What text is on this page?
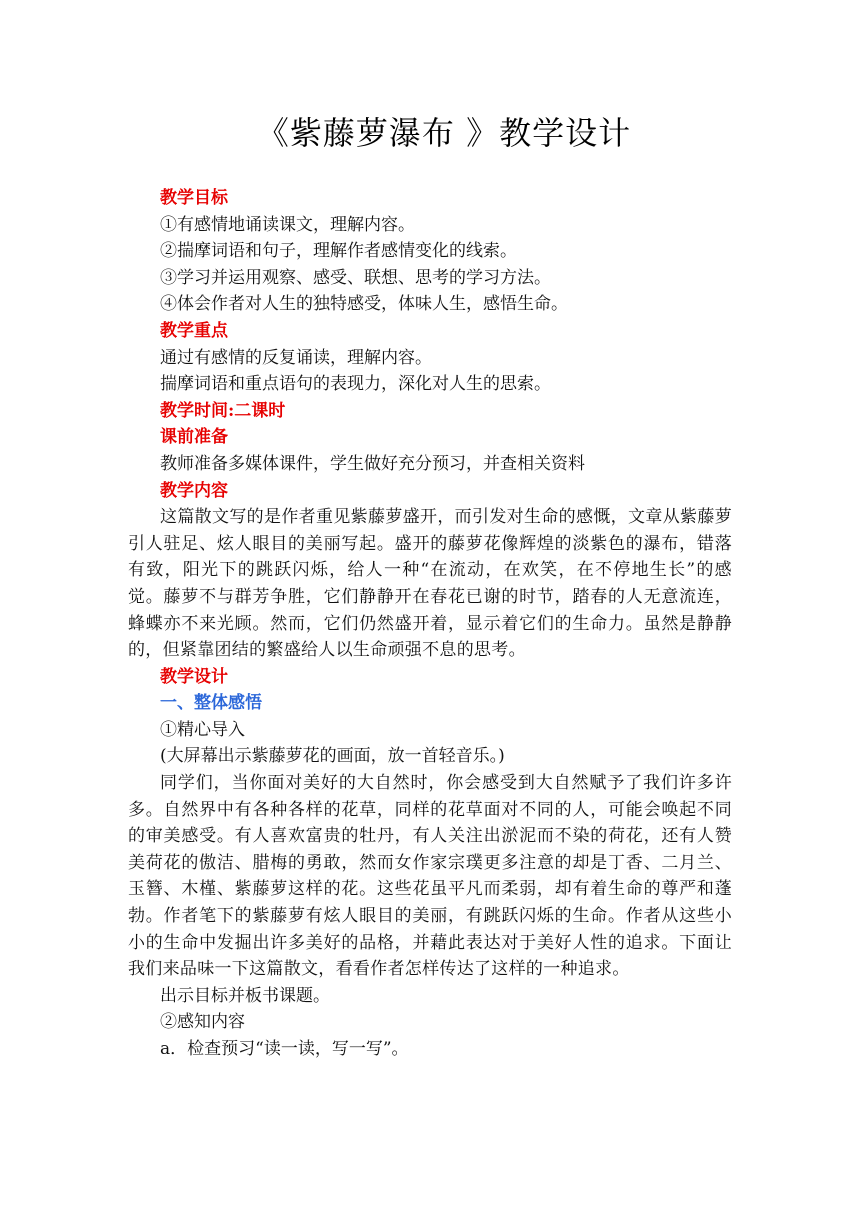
《紫藤萝瀑布 》教学设计

教学目标

①有感情地诵读课文，理解内容。

②揣摩词语和句子，理解作者感情变化的线索。

③学习并运用观察、感受、联想、思考的学习方法。

④体会作者对人生的独特感受，体味人生，感悟生命。

教学重点

通过有感情的反复诵读，理解内容。

揣摩词语和重点语句的表现力，深化对人生的思索。

教学时间:二课时

课前准备

教师准备多媒体课件，学生做好充分预习，并查相关资料

教学内容

这篇散文写的是作者重见紫藤萝盛开，而引发对生命的感慨，文章从紫藤萝引人驻足、炫人眼目的美丽写起。盛开的藤萝花像辉煌的淡紫色的瀑布，错落有致，阳光下的跳跃闪烁，给人一种“在流动，在欢笑，在不停地生长”的感觉。藤萝不与群芳争胜，它们静静开在春花已谢的时节，踏春的人无意流连，蜂蝶亦不来光顾。然而，它们仍然盛开着，显示着它们的生命力。虽然是静静的，但紧靠团结的繁盛给人以生命顽强不息的思考。

教学设计

一、整体感悟

①精心导入

(大屏幕出示紫藤萝花的画面，放一首轻音乐。)

同学们，当你面对美好的大自然时，你会感受到大自然赋予了我们许多许多。自然界中有各种各样的花草，同样的花草面对不同的人，可能会唤起不同的审美感受。有人喜欢富贵的牡丹，有人关注出淤泥而不染的荷花，还有人赞美荷花的傲洁、腊梅的勇敢，然而女作家宗璞更多注意的却是丁香、二月兰、玉簪、木槿、紫藤萝这样的花。这些花虽平凡而柔弱，却有着生命的尊严和蓬勃。作者笔下的紫藤萝有炫人眼目的美丽，有跳跃闪烁的生命。作者从这些小小的生命中发掘出许多美好的品格，并藉此表达对于美好人性的追求。下面让我们来品味一下这篇散文，看看作者怎样传达了这样的一种追求。

出示目标并板书课题。

②感知内容

a．检查预习“读一读，写一写”。
